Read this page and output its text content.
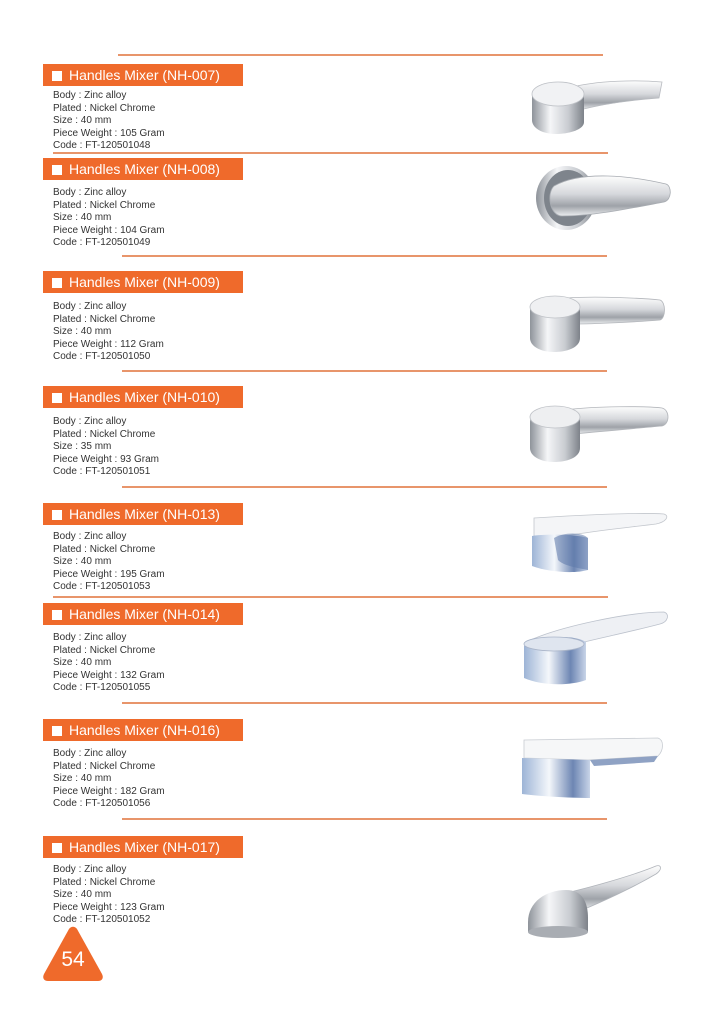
Handles Mixer (NH-007)
Body : Zinc alloy
Plated : Nickel Chrome
Size : 40 mm
Piece Weight : 105 Gram
Code : FT-120501048
Handles Mixer (NH-008)
Body : Zinc alloy
Plated : Nickel Chrome
Size : 40 mm
Piece Weight : 104 Gram
Code : FT-120501049
Handles Mixer (NH-009)
Body : Zinc alloy
Plated : Nickel Chrome
Size : 40 mm
Piece Weight : 112 Gram
Code : FT-120501050
Handles Mixer (NH-010)
Body : Zinc alloy
Plated : Nickel Chrome
Size : 35 mm
Piece Weight : 93 Gram
Code : FT-120501051
Handles Mixer (NH-013)
Body : Zinc alloy
Plated : Nickel Chrome
Size : 40 mm
Piece Weight : 195 Gram
Code : FT-120501053
Handles Mixer (NH-014)
Body : Zinc alloy
Plated : Nickel Chrome
Size : 40 mm
Piece Weight : 132 Gram
Code : FT-120501055
Handles Mixer (NH-016)
Body : Zinc alloy
Plated : Nickel Chrome
Size : 40 mm
Piece Weight : 182 Gram
Code : FT-120501056
Handles Mixer (NH-017)
Body : Zinc alloy
Plated : Nickel Chrome
Size : 40 mm
Piece Weight : 123 Gram
Code : FT-120501052
54
